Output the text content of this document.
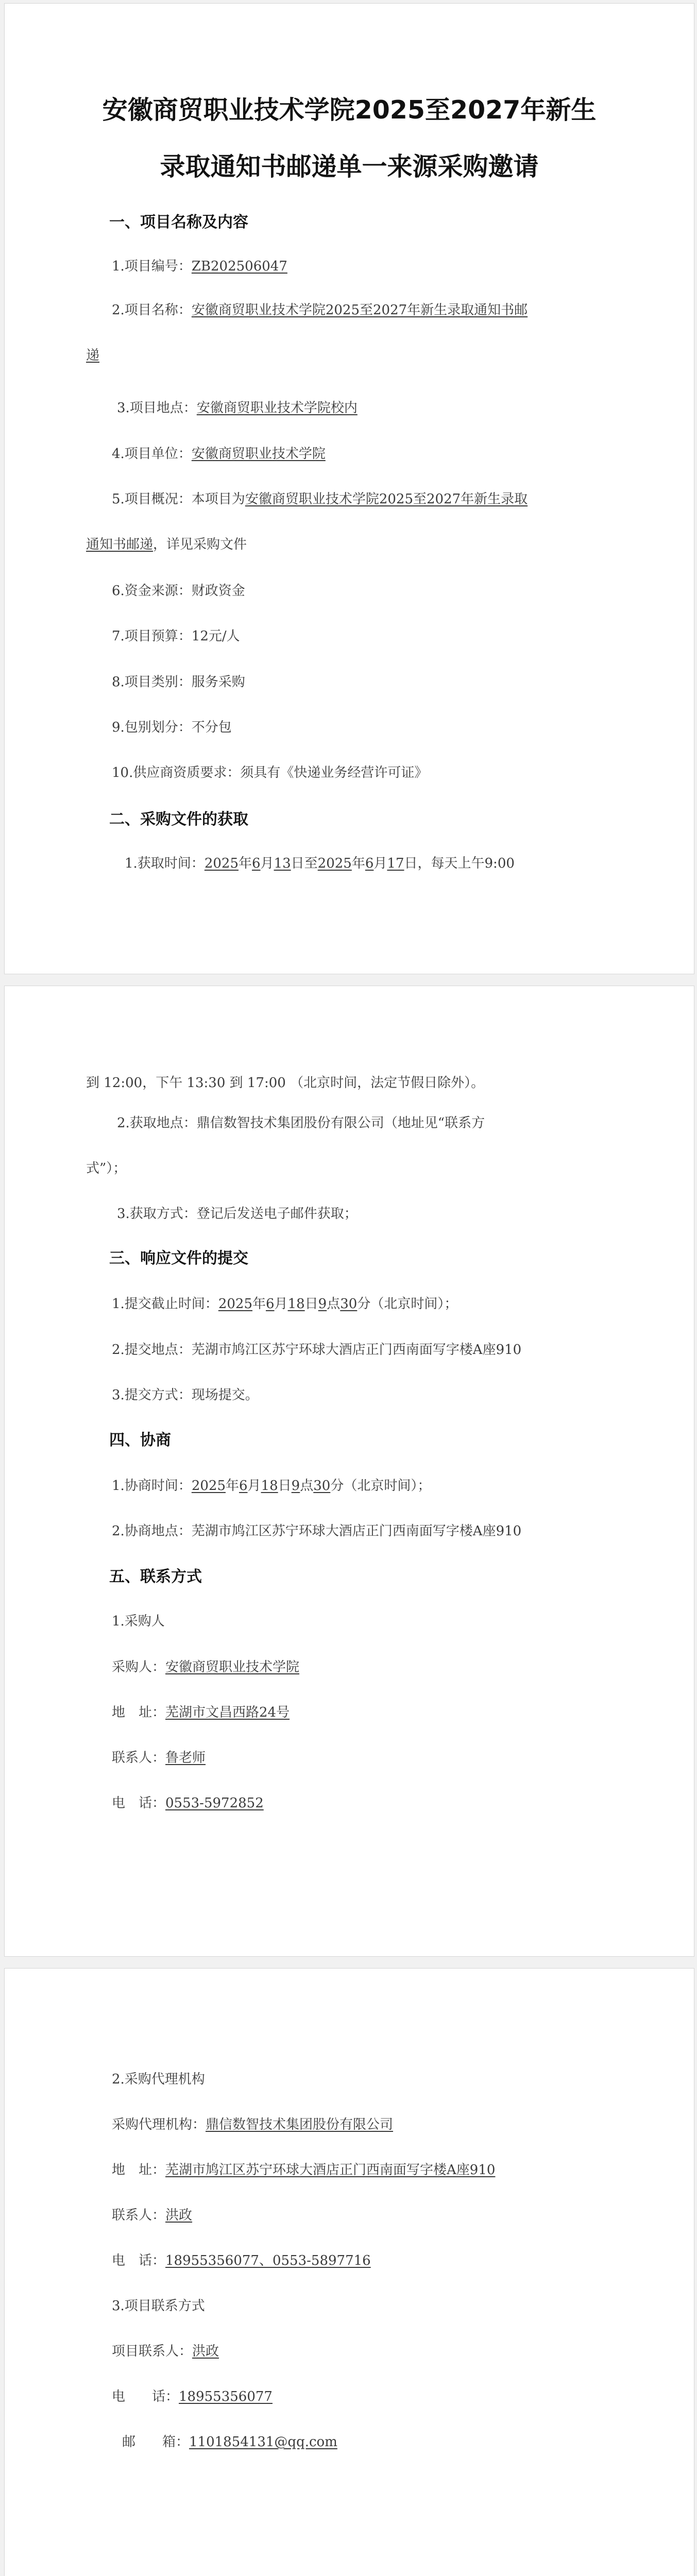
安徽商贸职业技术学院2025至2027年新生
录取通知书邮递单一来源采购邀请
一、项目名称及内容
1.项目编号：ZB202506047
2.项目名称：安徽商贸职业技术学院2025至2027年新生录取通知书邮
递
3.项目地点：安徽商贸职业技术学院校内
4.项目单位：安徽商贸职业技术学院
5.项目概况：本项目为安徽商贸职业技术学院2025至2027年新生录取
通知书邮递，详见采购文件
6.资金来源：财政资金
7.项目预算：12元/人
8.项目类别：服务采购
9.包别划分：不分包
10.供应商资质要求：须具有《快递业务经营许可证》
二、采购文件的获取
1.获取时间：2025年6月13日至2025年6月17日，每天上午9:00
到 12:00，下午 13:30 到 17:00 （北京时间，法定节假日除外）。
2.获取地点：鼎信数智技术集团股份有限公司（地址见“联系方
式”）；
3.获取方式：登记后发送电子邮件获取；
三、响应文件的提交
1.提交截止时间：2025年6月18日9点30分（北京时间）；
2.提交地点：芜湖市鸠江区苏宁环球大酒店正门西南面写字楼A座910
3.提交方式：现场提交。
四、协商
1.协商时间：2025年6月18日9点30分（北京时间）；
2.协商地点：芜湖市鸠江区苏宁环球大酒店正门西南面写字楼A座910
五、联系方式
1.采购人
采购人：安徽商贸职业技术学院
地　址：芜湖市文昌西路24号
联系人：鲁老师
电　话：0553-5972852
2.采购代理机构
采购代理机构：鼎信数智技术集团股份有限公司
地　址：芜湖市鸠江区苏宁环球大酒店正门西南面写字楼A座910
联系人：洪政
电　话：18955356077、0553-5897716
3.项目联系方式
项目联系人：洪政
电　　话：18955356077
邮　　箱：1101854131@qq.com
